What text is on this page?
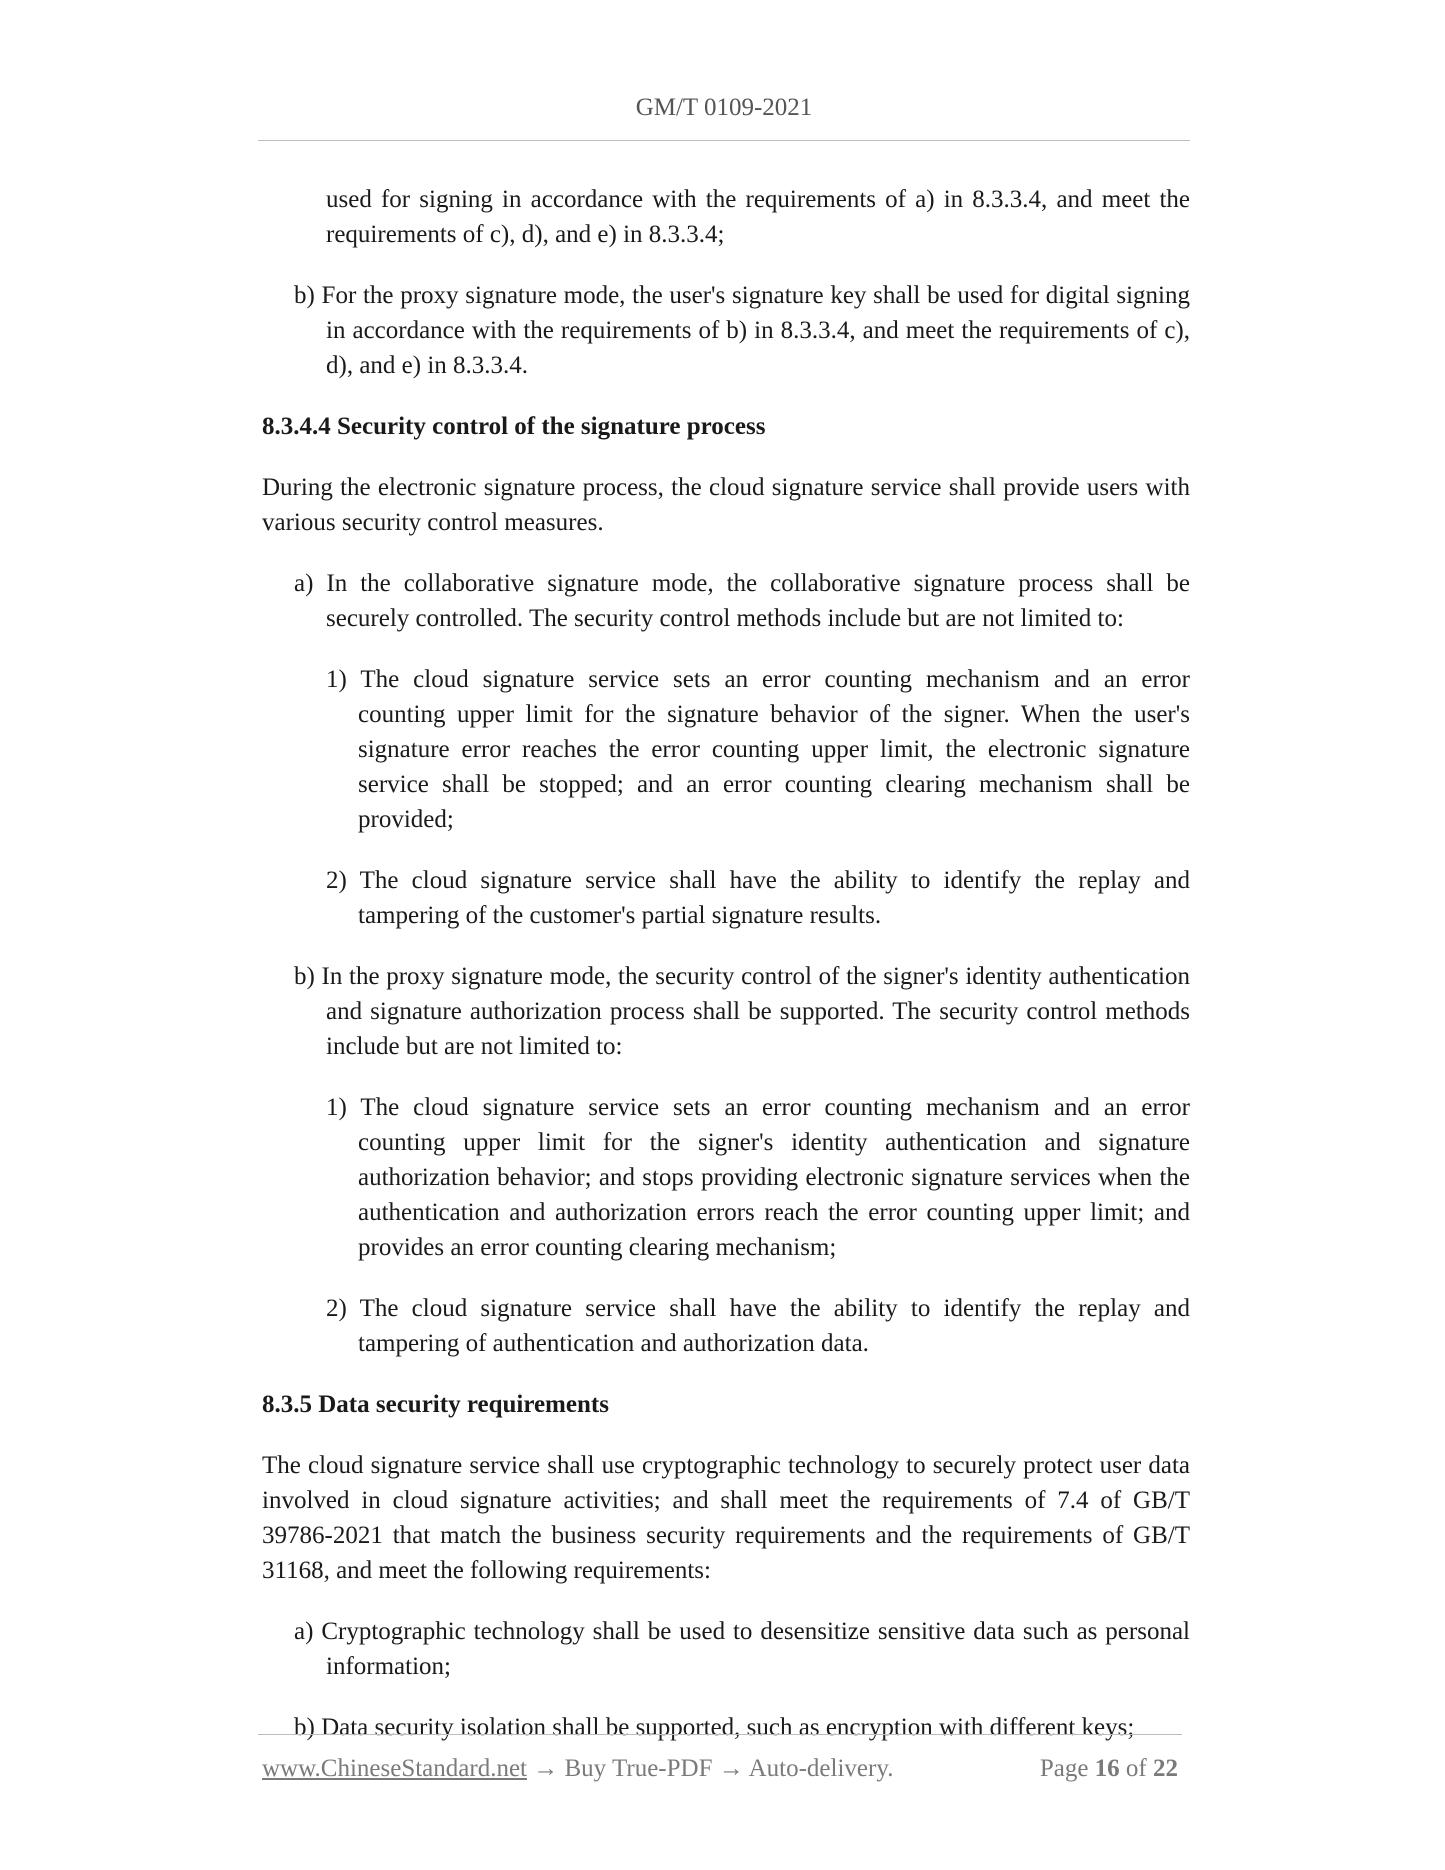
GM/T 0109-2021

used for signing in accordance with the requirements of a) in 8.3.3.4, and meet the requirements of c), d), and e) in 8.3.3.4;

b) For the proxy signature mode, the user's signature key shall be used for digital signing in accordance with the requirements of b) in 8.3.3.4, and meet the requirements of c), d), and e) in 8.3.3.4.

8.3.4.4 Security control of the signature process

During the electronic signature process, the cloud signature service shall provide users with various security control measures.

a) In the collaborative signature mode, the collaborative signature process shall be securely controlled. The security control methods include but are not limited to:

1) The cloud signature service sets an error counting mechanism and an error counting upper limit for the signature behavior of the signer. When the user's signature error reaches the error counting upper limit, the electronic signature service shall be stopped; and an error counting clearing mechanism shall be provided;

2) The cloud signature service shall have the ability to identify the replay and tampering of the customer's partial signature results.

b) In the proxy signature mode, the security control of the signer's identity authentication and signature authorization process shall be supported. The security control methods include but are not limited to:

1) The cloud signature service sets an error counting mechanism and an error counting upper limit for the signer's identity authentication and signature authorization behavior; and stops providing electronic signature services when the authentication and authorization errors reach the error counting upper limit; and provides an error counting clearing mechanism;

2) The cloud signature service shall have the ability to identify the replay and tampering of authentication and authorization data.

8.3.5 Data security requirements

The cloud signature service shall use cryptographic technology to securely protect user data involved in cloud signature activities; and shall meet the requirements of 7.4 of GB/T 39786-2021 that match the business security requirements and the requirements of GB/T 31168, and meet the following requirements:

a) Cryptographic technology shall be used to desensitize sensitive data such as personal information;

b) Data security isolation shall be supported, such as encryption with different keys;

www.ChineseStandard.net → Buy True-PDF → Auto-delivery.	Page 16 of 22
